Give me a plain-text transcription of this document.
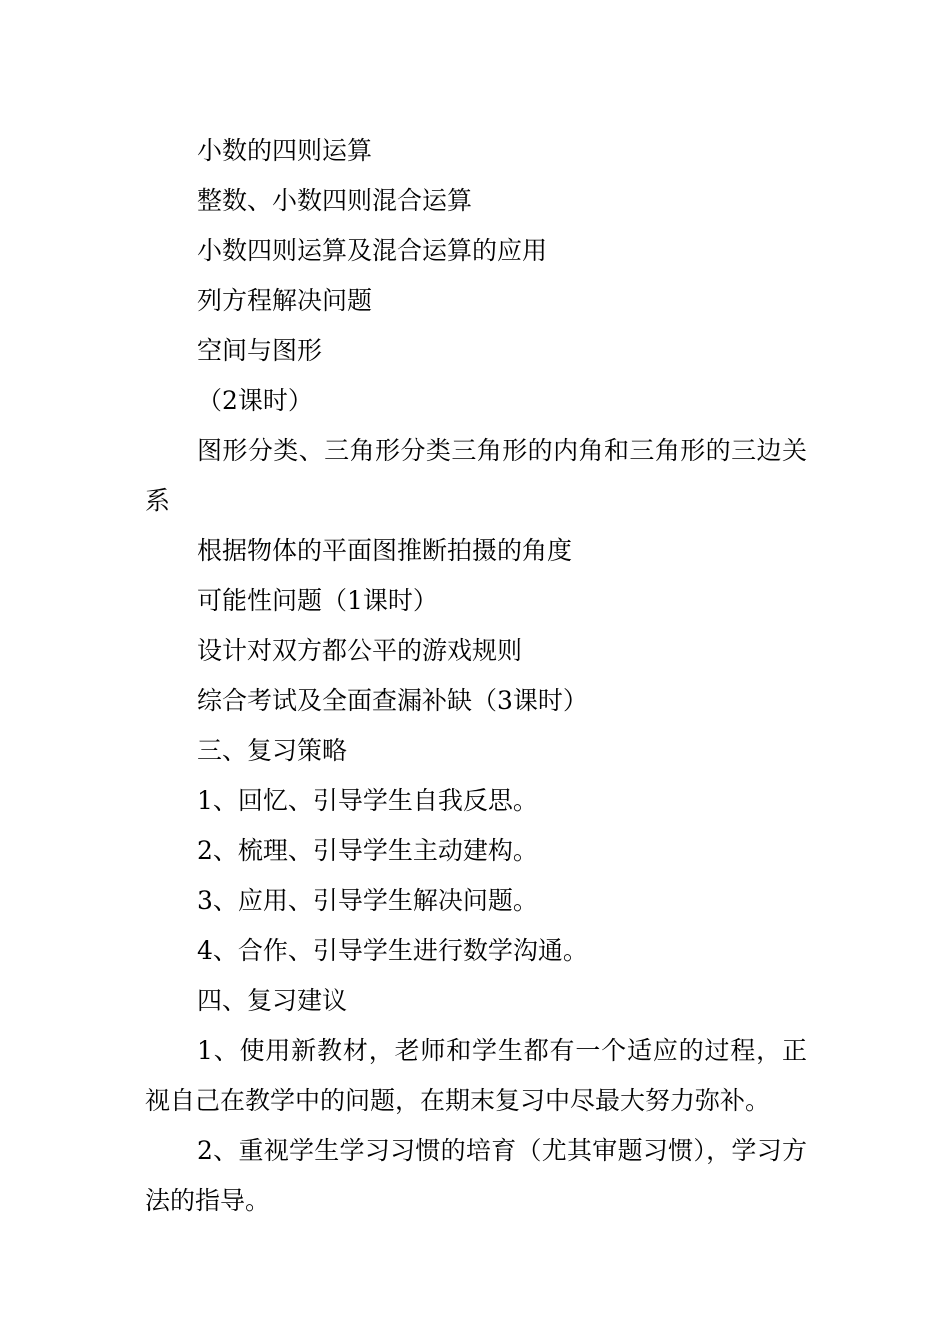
小数的四则运算

整数、小数四则混合运算

小数四则运算及混合运算的应用

列方程解决问题

空间与图形

（2课时）

图形分类、三角形分类三角形的内角和三角形的三边关系

根据物体的平面图推断拍摄的角度

可能性问题（1课时）

设计对双方都公平的游戏规则

综合考试及全面查漏补缺（3课时）

三、复习策略

1、回忆、引导学生自我反思。

2、梳理、引导学生主动建构。

3、应用、引导学生解决问题。

4、合作、引导学生进行数学沟通。

四、复习建议

1、使用新教材，老师和学生都有一个适应的过程，正视自己在教学中的问题，在期末复习中尽最大努力弥补。

2、重视学生学习习惯的培育（尤其审题习惯），学习方法的指导。
